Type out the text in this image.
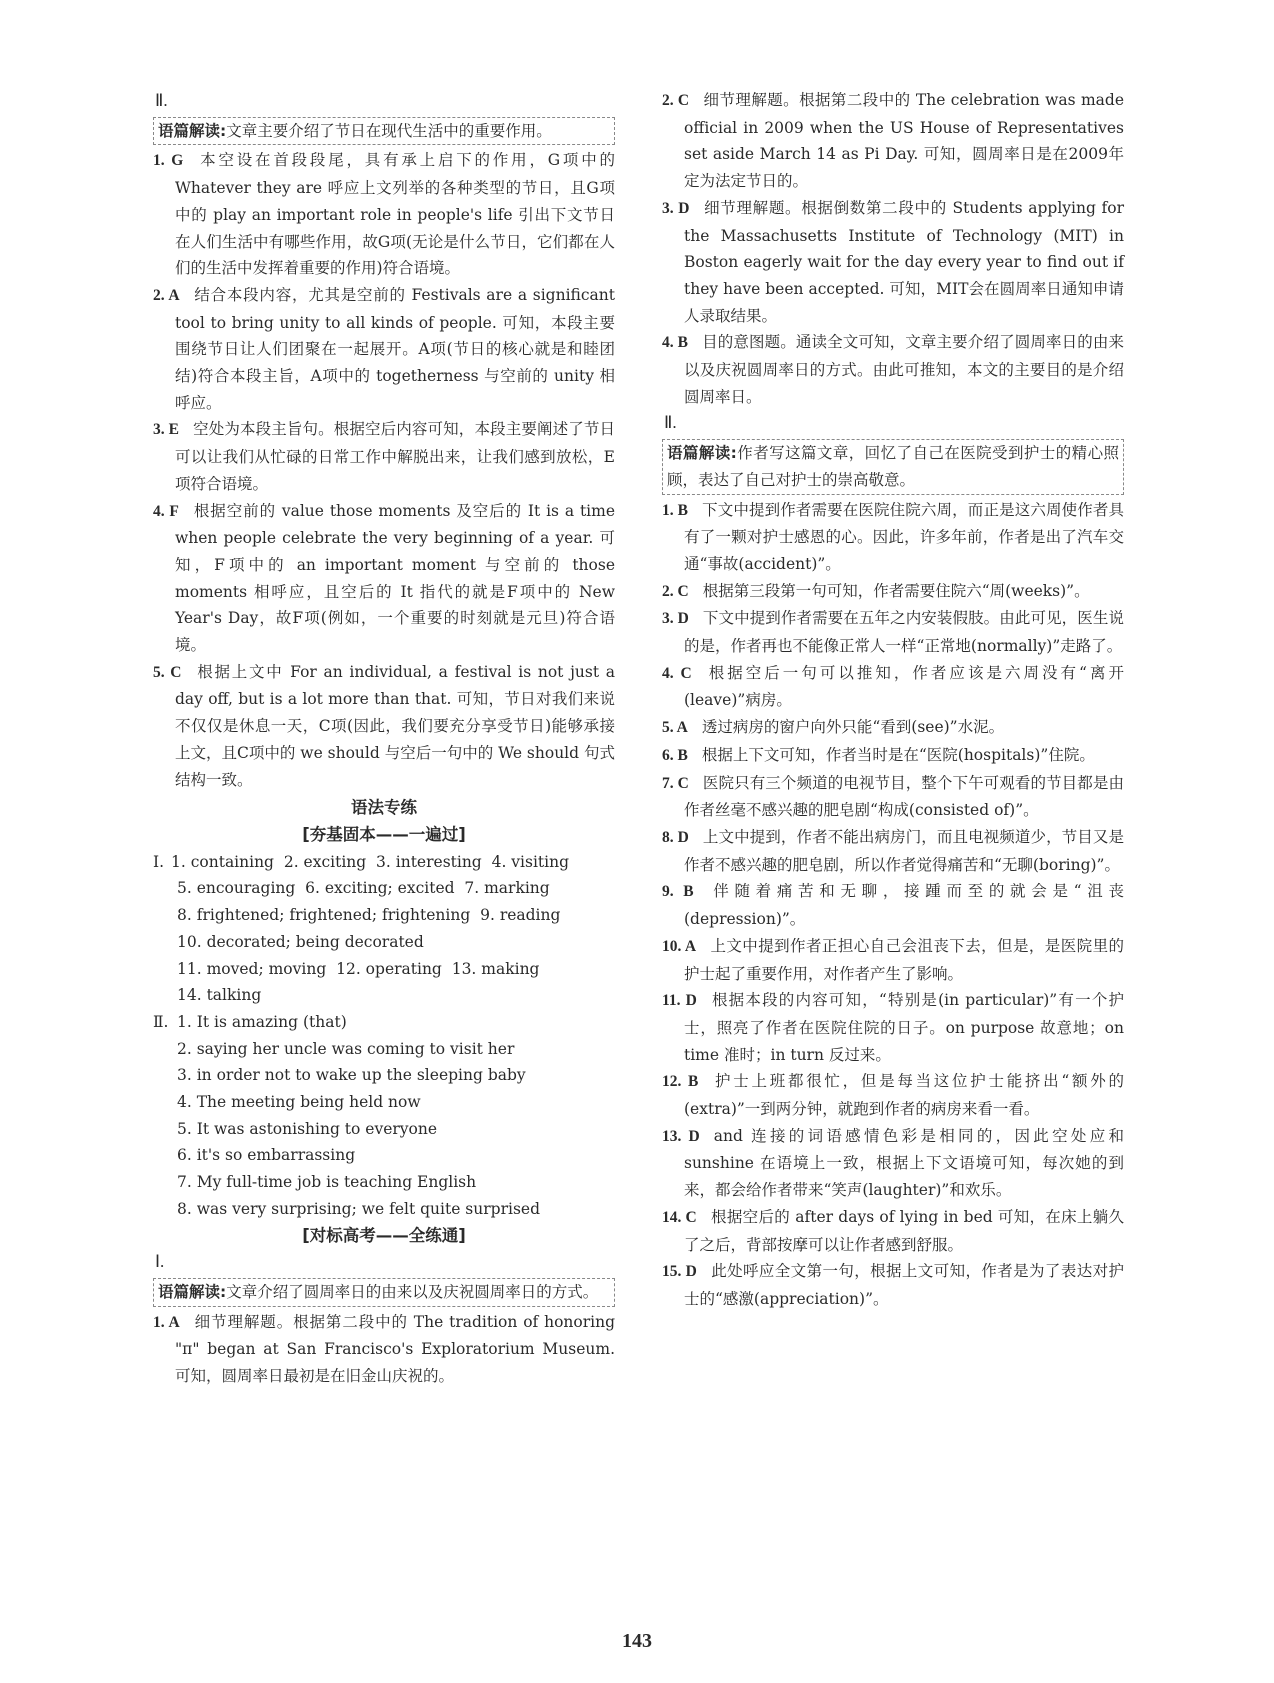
Ⅱ.
语篇解读:文章主要介绍了节日在现代生活中的重要作用。
1. G 本空设在首段段尾，具有承上启下的作用，G项中的 Whatever they are 呼应上文列举的各种类型的节日，且G项中的 play an important role in people's life 引出下文节日在人们生活中有哪些作用，故G项(无论是什么节日，它们都在人们的生活中发挥着重要的作用)符合语境。
2. A 结合本段内容，尤其是空前的 Festivals are a significant tool to bring unity to all kinds of people. 可知，本段主要围绕节日让人们团聚在一起展开。A项(节日的核心就是和睦团结)符合本段主旨，A项中的 togetherness 与空前的 unity 相呼应。
3. E 空处为本段主旨句。根据空后内容可知，本段主要阐述了节日可以让我们从忙碌的日常工作中解脱出来，让我们感到放松，E项符合语境。
4. F 根据空前的 value those moments 及空后的 It is a time when people celebrate the very beginning of a year. 可知，F项中的 an important moment 与空前的 those moments 相呼应，且空后的 It 指代的就是F项中的 New Year's Day，故F项(例如，一个重要的时刻就是元旦)符合语境。
5. C 根据上文中 For an individual, a festival is not just a day off, but is a lot more than that. 可知，节日对我们来说不仅仅是休息一天，C项(因此，我们要充分享受节日)能够承接上文，且C项中的 we should 与空后一句中的 We should 句式结构一致。
语法专练
[夯基固本——一遍过]
Ⅰ. 1. containing  2. exciting  3. interesting  4. visiting
5. encouraging  6. exciting; excited  7. marking
8. frightened; frightened; frightening  9. reading
10. decorated; being decorated
11. moved; moving  12. operating  13. making
14. talking
Ⅱ. 1. It is amazing (that)
2. saying her uncle was coming to visit her
3. in order not to wake up the sleeping baby
4. The meeting being held now
5. It was astonishing to everyone
6. it's so embarrassing
7. My full-time job is teaching English
8. was very surprising; we felt quite surprised
[对标高考——全练通]
Ⅰ.
语篇解读:文章介绍了圆周率日的由来以及庆祝圆周率日的方式。
1. A 细节理解题。根据第二段中的 The tradition of honoring "π" began at San Francisco's Exploratorium Museum. 可知，圆周率日最初是在旧金山庆祝的。
2. C 细节理解题。根据第二段中的 The celebration was made official in 2009 when the US House of Representatives set aside March 14 as Pi Day. 可知，圆周率日是在2009年定为法定节日的。
3. D 细节理解题。根据倒数第二段中的 Students applying for the Massachusetts Institute of Technology (MIT) in Boston eagerly wait for the day every year to find out if they have been accepted. 可知，MIT会在圆周率日通知申请人录取结果。
4. B 目的意图题。通读全文可知，文章主要介绍了圆周率日的由来以及庆祝圆周率日的方式。由此可推知，本文的主要目的是介绍圆周率日。
Ⅱ.
语篇解读:作者写这篇文章，回忆了自己在医院受到护士的精心照顾，表达了自己对护士的崇高敬意。
1. B 下文中提到作者需要在医院住院六周，而正是这六周使作者具有了一颗对护士感恩的心。因此，许多年前，作者是出了汽车交通“事故(accident)”。
2. C 根据第三段第一句可知，作者需要住院六“周(weeks)”。
3. D 下文中提到作者需要在五年之内安装假肢。由此可见，医生说的是，作者再也不能像正常人一样“正常地(normally)”走路了。
4. C 根据空后一句可以推知，作者应该是六周没有“离开(leave)”病房。
5. A 透过病房的窗户向外只能“看到(see)”水泥。
6. B 根据上下文可知，作者当时是在“医院(hospitals)”住院。
7. C 医院只有三个频道的电视节目，整个下午可观看的节目都是由作者丝毫不感兴趣的肥皂剧“构成(consisted of)”。
8. D 上文中提到，作者不能出病房门，而且电视频道少，节目又是作者不感兴趣的肥皂剧，所以作者觉得痛苦和“无聊(boring)”。
9. B 伴随着痛苦和无聊，接踵而至的就会是“沮丧(depression)”。
10. A 上文中提到作者正担心自己会沮丧下去，但是，是医院里的护士起了重要作用，对作者产生了影响。
11. D 根据本段的内容可知，“特别是(in particular)”有一个护士，照亮了作者在医院住院的日子。on purpose 故意地；on time 准时；in turn 反过来。
12. B 护士上班都很忙，但是每当这位护士能挤出“额外的(extra)”一到两分钟，就跑到作者的病房来看一看。
13. D and 连接的词语感情色彩是相同的，因此空处应和 sunshine 在语境上一致，根据上下文语境可知，每次她的到来，都会给作者带来“笑声(laughter)”和欢乐。
14. C 根据空后的 after days of lying in bed 可知，在床上躺久了之后，背部按摩可以让作者感到舒服。
15. D 此处呼应全文第一句，根据上文可知，作者是为了表达对护士的“感激(appreciation)”。
143
